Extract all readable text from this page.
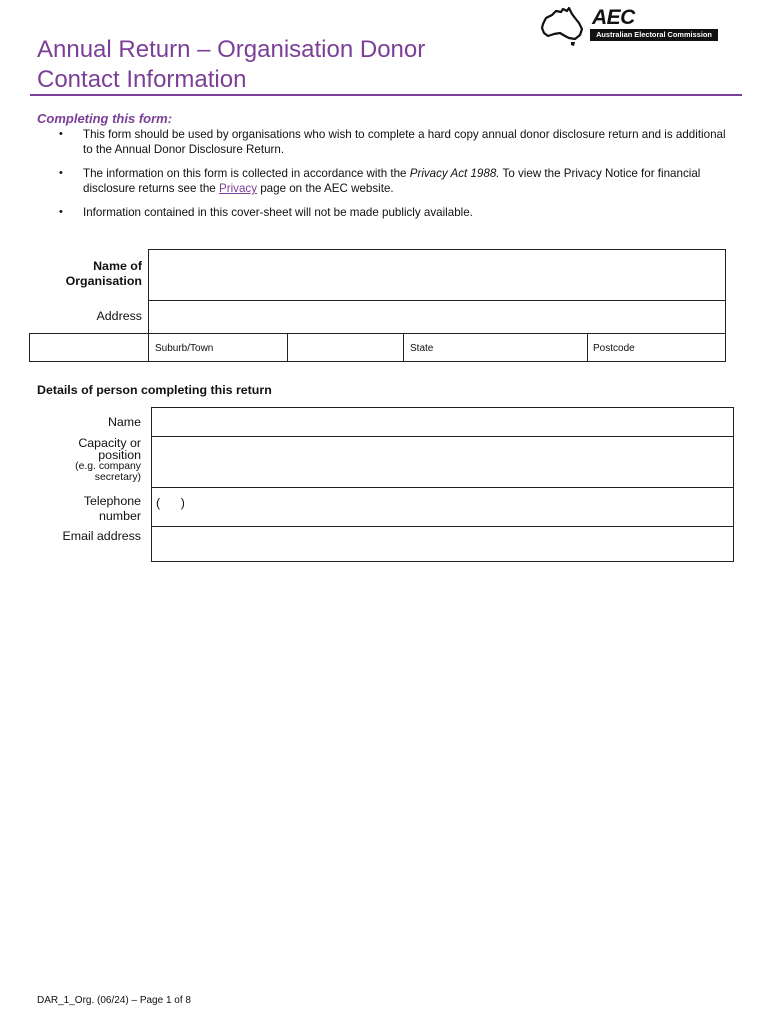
AEC
Australian Electoral Commission
Annual Return – Organisation Donor
Contact Information
Completing this form:
• This form should be used by organisations who wish to complete a hard copy annual donor disclosure return and is additional to the Annual Donor Disclosure Return.
• The information on this form is collected in accordance with the Privacy Act 1988. To view the Privacy Notice for financial disclosure returns see the Privacy page on the AEC website.
• Information contained in this cover-sheet will not be made publicly available.
Name of
Organisation
Address
Suburb/Town	State	Postcode
Details of person completing this return
Name
Capacity or
position
(e.g. company
secretary)
Telephone
number
(      )
Email address
DAR_1_Org. (06/24) – Page 1 of 8
